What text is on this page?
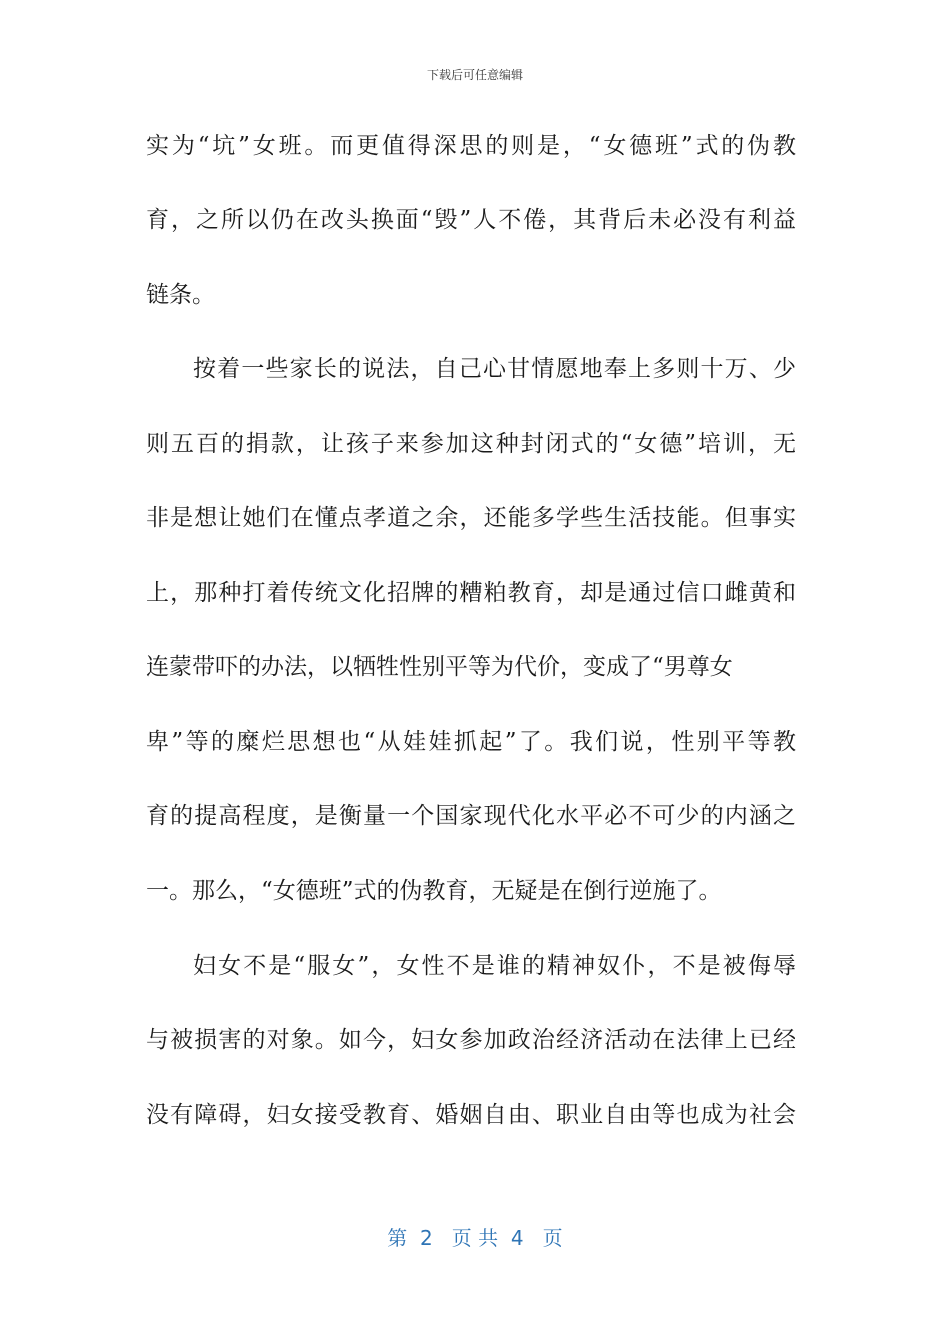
下载后可任意编辑
实为“坑”女班。而更值得深思的则是，“女德班”式的伪教
育，之所以仍在改头换面“毁”人不倦，其背后未必没有利益
链条。
按着一些家长的说法，自己心甘情愿地奉上多则十万、少
则五百的捐款，让孩子来参加这种封闭式的“女德”培训，无
非是想让她们在懂点孝道之余，还能多学些生活技能。但事实
上，那种打着传统文化招牌的糟粕教育，却是通过信口雌黄和
连蒙带吓的办法，以牺牲性别平等为代价，变成了“男尊女
卑”等的糜烂思想也“从娃娃抓起”了。我们说，性别平等教
育的提高程度，是衡量一个国家现代化水平必不可少的内涵之
一。那么，“女德班”式的伪教育，无疑是在倒行逆施了。
妇女不是“服女”，女性不是谁的精神奴仆，不是被侮辱
与被损害的对象。如今，妇女参加政治经济活动在法律上已经
没有障碍，妇女接受教育、婚姻自由、职业自由等也成为社会
第  2   页 共  4   页
